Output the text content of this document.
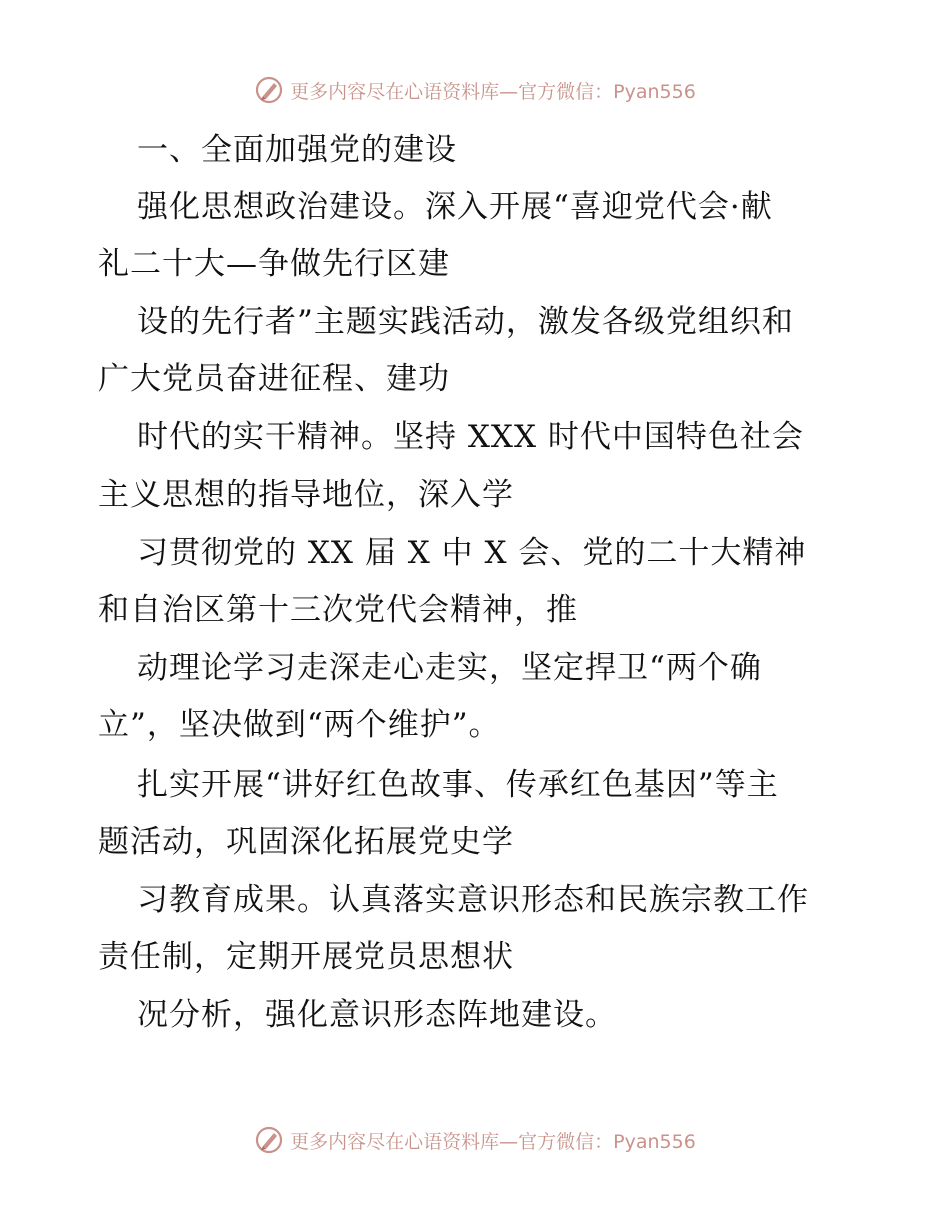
更多内容尽在心语资料库—官方微信：Pyan556
一、全面加强党的建设
强化思想政治建设。深入开展“喜迎党代会·献
礼二十大—争做先行区建
设的先行者”主题实践活动，激发各级党组织和
广大党员奋进征程、建功
时代的实干精神。坚持 XXX 时代中国特色社会
主义思想的指导地位，深入学
习贯彻党的 XX 届 X 中 X 会、党的二十大精神
和自治区第十三次党代会精神，推
动理论学习走深走心走实，坚定捍卫“两个确
立”，坚决做到“两个维护”。
扎实开展“讲好红色故事、传承红色基因”等主
题活动，巩固深化拓展党史学
习教育成果。认真落实意识形态和民族宗教工作
责任制，定期开展党员思想状
况分析，强化意识形态阵地建设。
更多内容尽在心语资料库—官方微信：Pyan556
